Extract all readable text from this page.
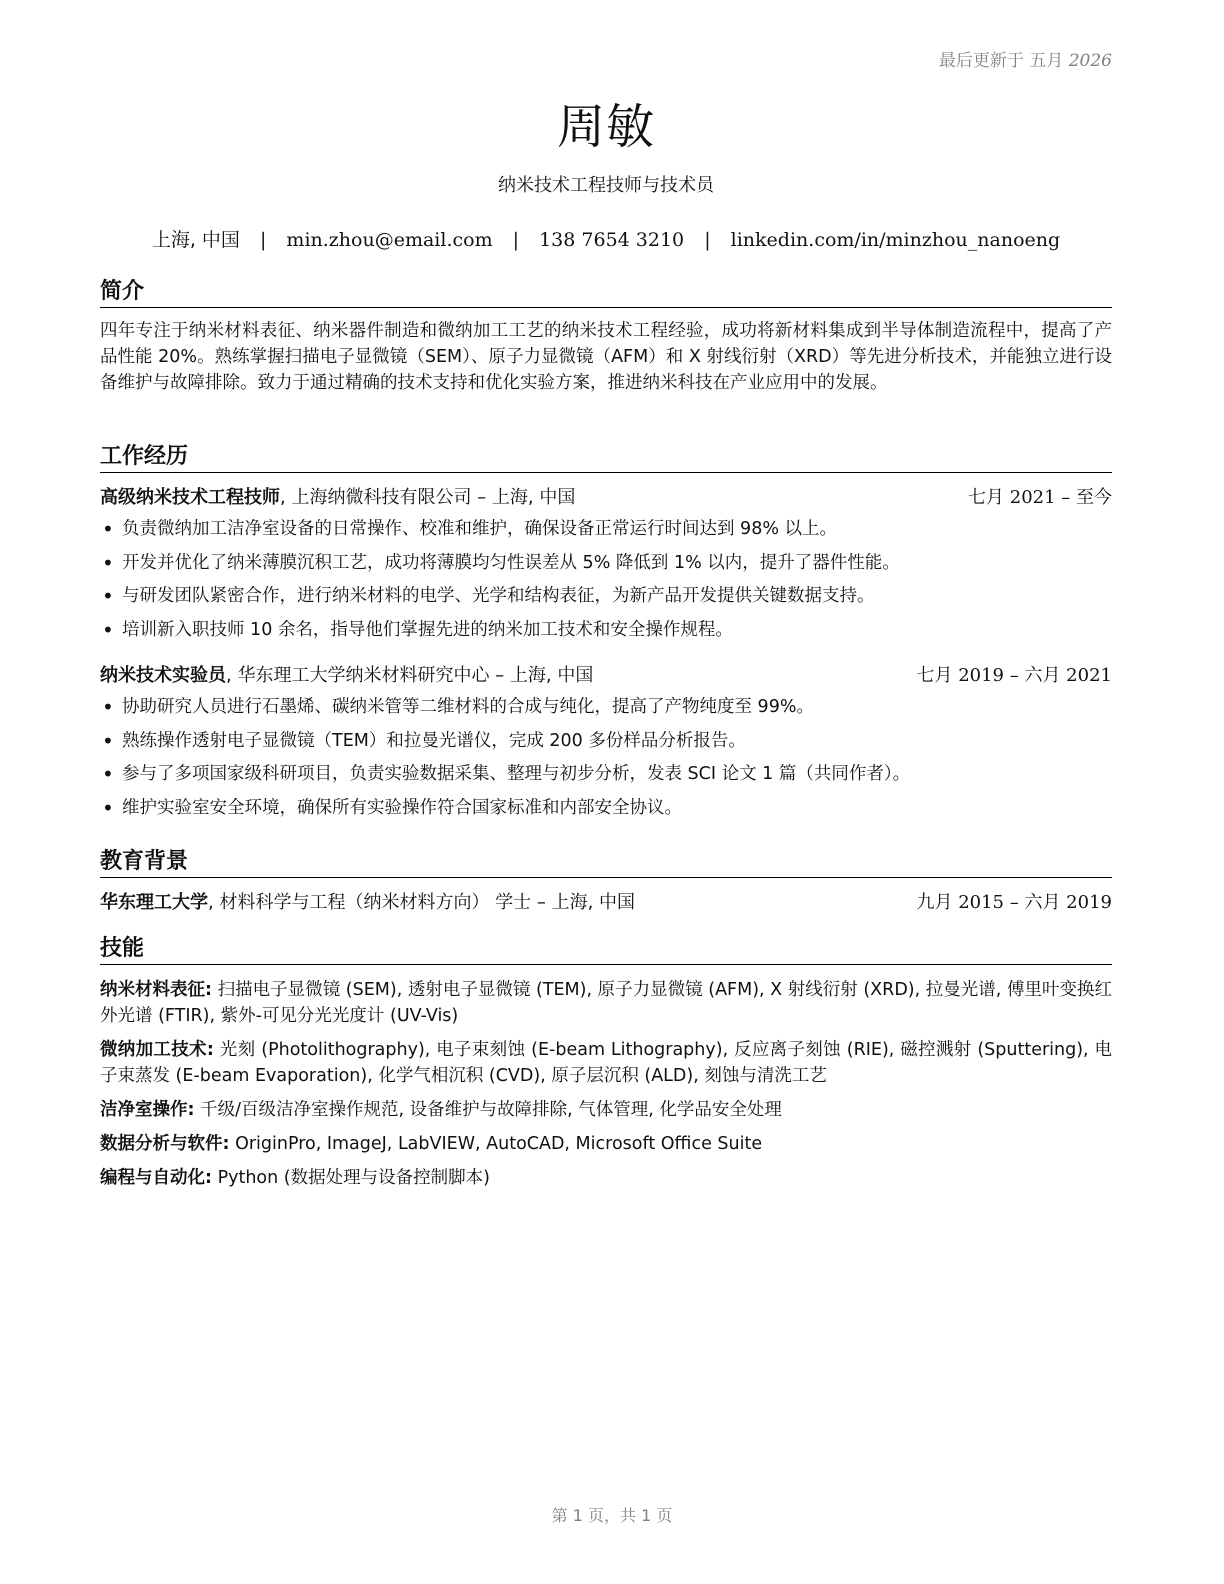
最后更新于 五月 2026
周敏
纳米技术工程技师与技术员
上海, 中国 | min.zhou@email.com | 138 7654 3210 | linkedin.com/in/minzhou_nanoeng
简介
四年专注于纳米材料表征、纳米器件制造和微纳加工工艺的纳米技术工程经验，成功将新材料集成到半导体制造流程中，提高了产品性能 20%。熟练掌握扫描电子显微镜（SEM）、原子力显微镜（AFM）和 X 射线衍射（XRD）等先进分析技术，并能独立进行设备维护与故障排除。致力于通过精确的技术支持和优化实验方案，推进纳米科技在产业应用中的发展。
工作经历
高级纳米技术工程技师, 上海纳微科技有限公司 – 上海, 中国	七月 2021 – 至今
• 负责微纳加工洁净室设备的日常操作、校准和维护，确保设备正常运行时间达到 98% 以上。
• 开发并优化了纳米薄膜沉积工艺，成功将薄膜均匀性误差从 5% 降低到 1% 以内，提升了器件性能。
• 与研发团队紧密合作，进行纳米材料的电学、光学和结构表征，为新产品开发提供关键数据支持。
• 培训新入职技师 10 余名，指导他们掌握先进的纳米加工技术和安全操作规程。
纳米技术实验员, 华东理工大学纳米材料研究中心 – 上海, 中国	七月 2019 – 六月 2021
• 协助研究人员进行石墨烯、碳纳米管等二维材料的合成与纯化，提高了产物纯度至 99%。
• 熟练操作透射电子显微镜（TEM）和拉曼光谱仪，完成 200 多份样品分析报告。
• 参与了多项国家级科研项目，负责实验数据采集、整理与初步分析，发表 SCI 论文 1 篇（共同作者）。
• 维护实验室安全环境，确保所有实验操作符合国家标准和内部安全协议。
教育背景
华东理工大学, 材料科学与工程（纳米材料方向） 学士 – 上海, 中国	九月 2015 – 六月 2019
技能
纳米材料表征: 扫描电子显微镜 (SEM), 透射电子显微镜 (TEM), 原子力显微镜 (AFM), X 射线衍射 (XRD), 拉曼光谱, 傅里叶变换红外光谱 (FTIR), 紫外-可见分光光度计 (UV-Vis)
微纳加工技术: 光刻 (Photolithography), 电子束刻蚀 (E-beam Lithography), 反应离子刻蚀 (RIE), 磁控溅射 (Sputtering), 电子束蒸发 (E-beam Evaporation), 化学气相沉积 (CVD), 原子层沉积 (ALD), 刻蚀与清洗工艺
洁净室操作: 千级/百级洁净室操作规范, 设备维护与故障排除, 气体管理, 化学品安全处理
数据分析与软件: OriginPro, ImageJ, LabVIEW, AutoCAD, Microsoft Office Suite
编程与自动化: Python (数据处理与设备控制脚本)
第 1 页，共 1 页
